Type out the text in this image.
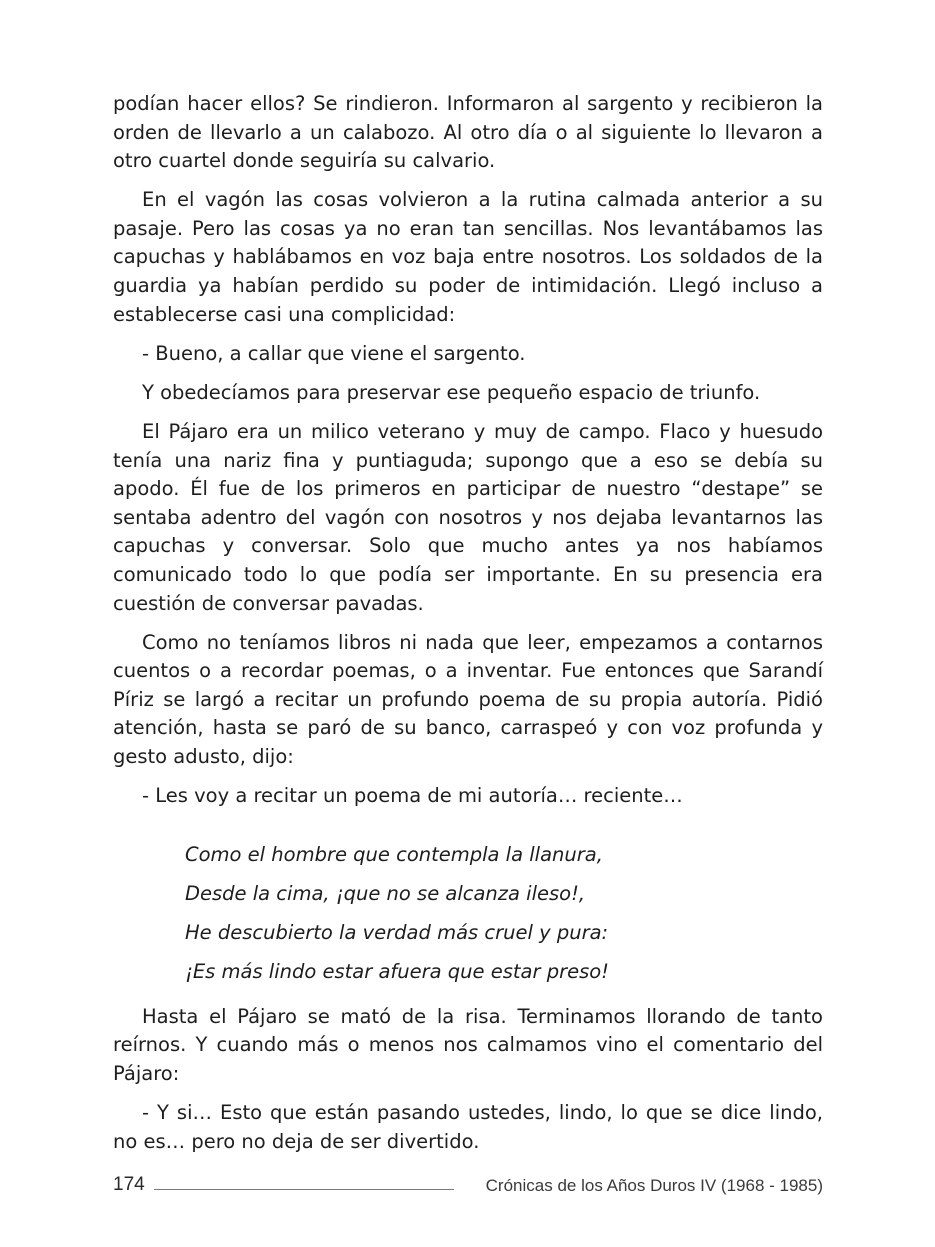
podían hacer ellos? Se rindieron. Informaron al sargento y recibieron la orden de llevarlo a un calabozo. Al otro día o al siguiente lo llevaron a otro cuartel donde seguiría su calvario.

En el vagón las cosas volvieron a la rutina calmada anterior a su pasaje. Pero las cosas ya no eran tan sencillas. Nos levantábamos las capuchas y hablábamos en voz baja entre nosotros. Los soldados de la guardia ya habían perdido su poder de intimidación. Llegó incluso a establecerse casi una complicidad:

- Bueno, a callar que viene el sargento.

Y obedecíamos para preservar ese pequeño espacio de triunfo.

El Pájaro era un milico veterano y muy de campo. Flaco y huesudo tenía una nariz fina y puntiaguda; supongo que a eso se debía su apodo. Él fue de los primeros en participar de nuestro “destape” se sentaba adentro del vagón con nosotros y nos dejaba levantarnos las capuchas y conversar. Solo que mucho antes ya nos habíamos comunicado todo lo que podía ser importante. En su presencia era cuestión de conversar pavadas.

Como no teníamos libros ni nada que leer, empezamos a contarnos cuentos o a recordar poemas, o a inventar. Fue entonces que Sarandí Píriz se largó a recitar un profundo poema de su propia autoría. Pidió atención, hasta se paró de su banco, carraspeó y con voz profunda y gesto adusto, dijo:

- Les voy a recitar un poema de mi autoría… reciente…

Como el hombre que contempla la llanura,
Desde la cima, ¡que no se alcanza ileso!,
He descubierto la verdad más cruel y pura:
¡Es más lindo estar afuera que estar preso!

Hasta el Pájaro se mató de la risa. Terminamos llorando de tanto reírnos. Y cuando más o menos nos calmamos vino el comentario del Pájaro:

- Y si… Esto que están pasando ustedes, lindo, lo que se dice lindo, no es… pero no deja de ser divertido.

174	Crónicas de los Años Duros IV (1968 - 1985)
